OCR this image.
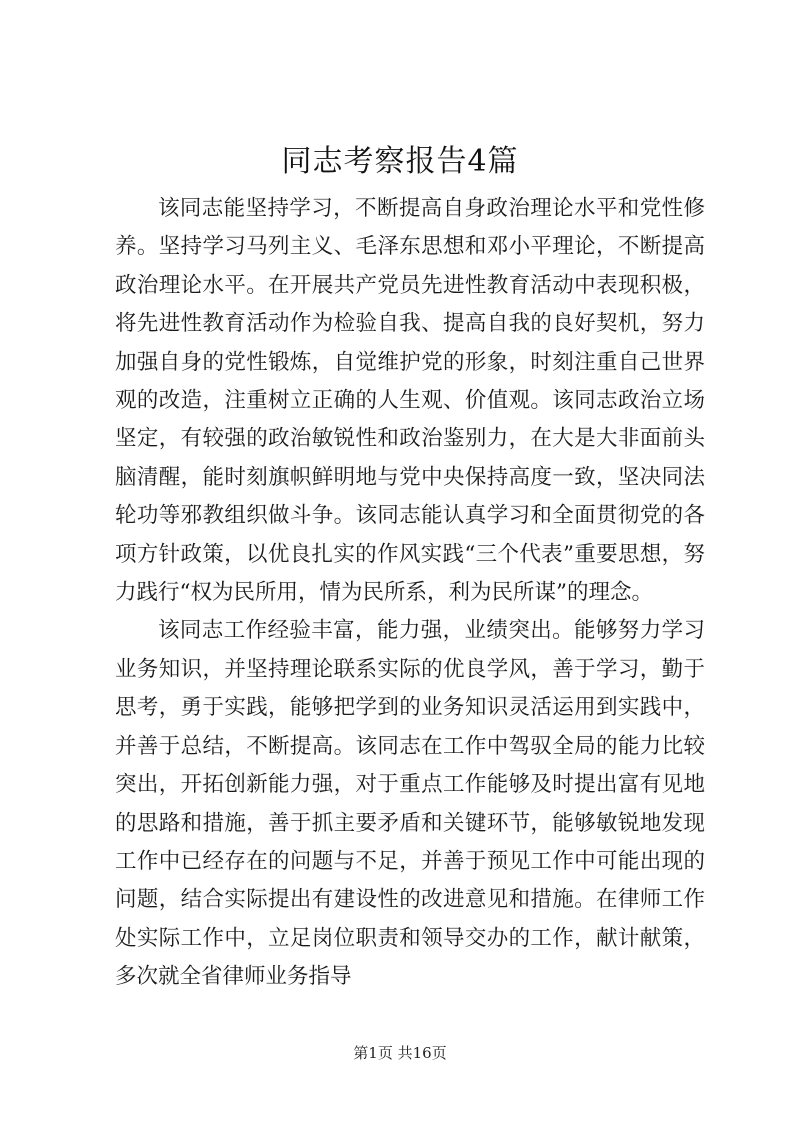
同志考察报告4篇

该同志能坚持学习，不断提高自身政治理论水平和党性修养。坚持学习马列主义、毛泽东思想和邓小平理论，不断提高政治理论水平。在开展共产党员先进性教育活动中表现积极，将先进性教育活动作为检验自我、提高自我的良好契机，努力加强自身的党性锻炼，自觉维护党的形象，时刻注重自己世界观的改造，注重树立正确的人生观、价值观。该同志政治立场坚定，有较强的政治敏锐性和政治鉴别力，在大是大非面前头脑清醒，能时刻旗帜鲜明地与党中央保持高度一致，坚决同法轮功等邪教组织做斗争。该同志能认真学习和全面贯彻党的各项方针政策，以优良扎实的作风实践“三个代表”重要思想，努力践行“权为民所用，情为民所系，利为民所谋”的理念。

该同志工作经验丰富，能力强，业绩突出。能够努力学习业务知识，并坚持理论联系实际的优良学风，善于学习，勤于思考，勇于实践，能够把学到的业务知识灵活运用到实践中，并善于总结，不断提高。该同志在工作中驾驭全局的能力比较突出，开拓创新能力强，对于重点工作能够及时提出富有见地的思路和措施，善于抓主要矛盾和关键环节，能够敏锐地发现工作中已经存在的问题与不足，并善于预见工作中可能出现的问题，结合实际提出有建设性的改进意见和措施。在律师工作处实际工作中，立足岗位职责和领导交办的工作，献计献策，多次就全省律师业务指导

第1页 共16页
